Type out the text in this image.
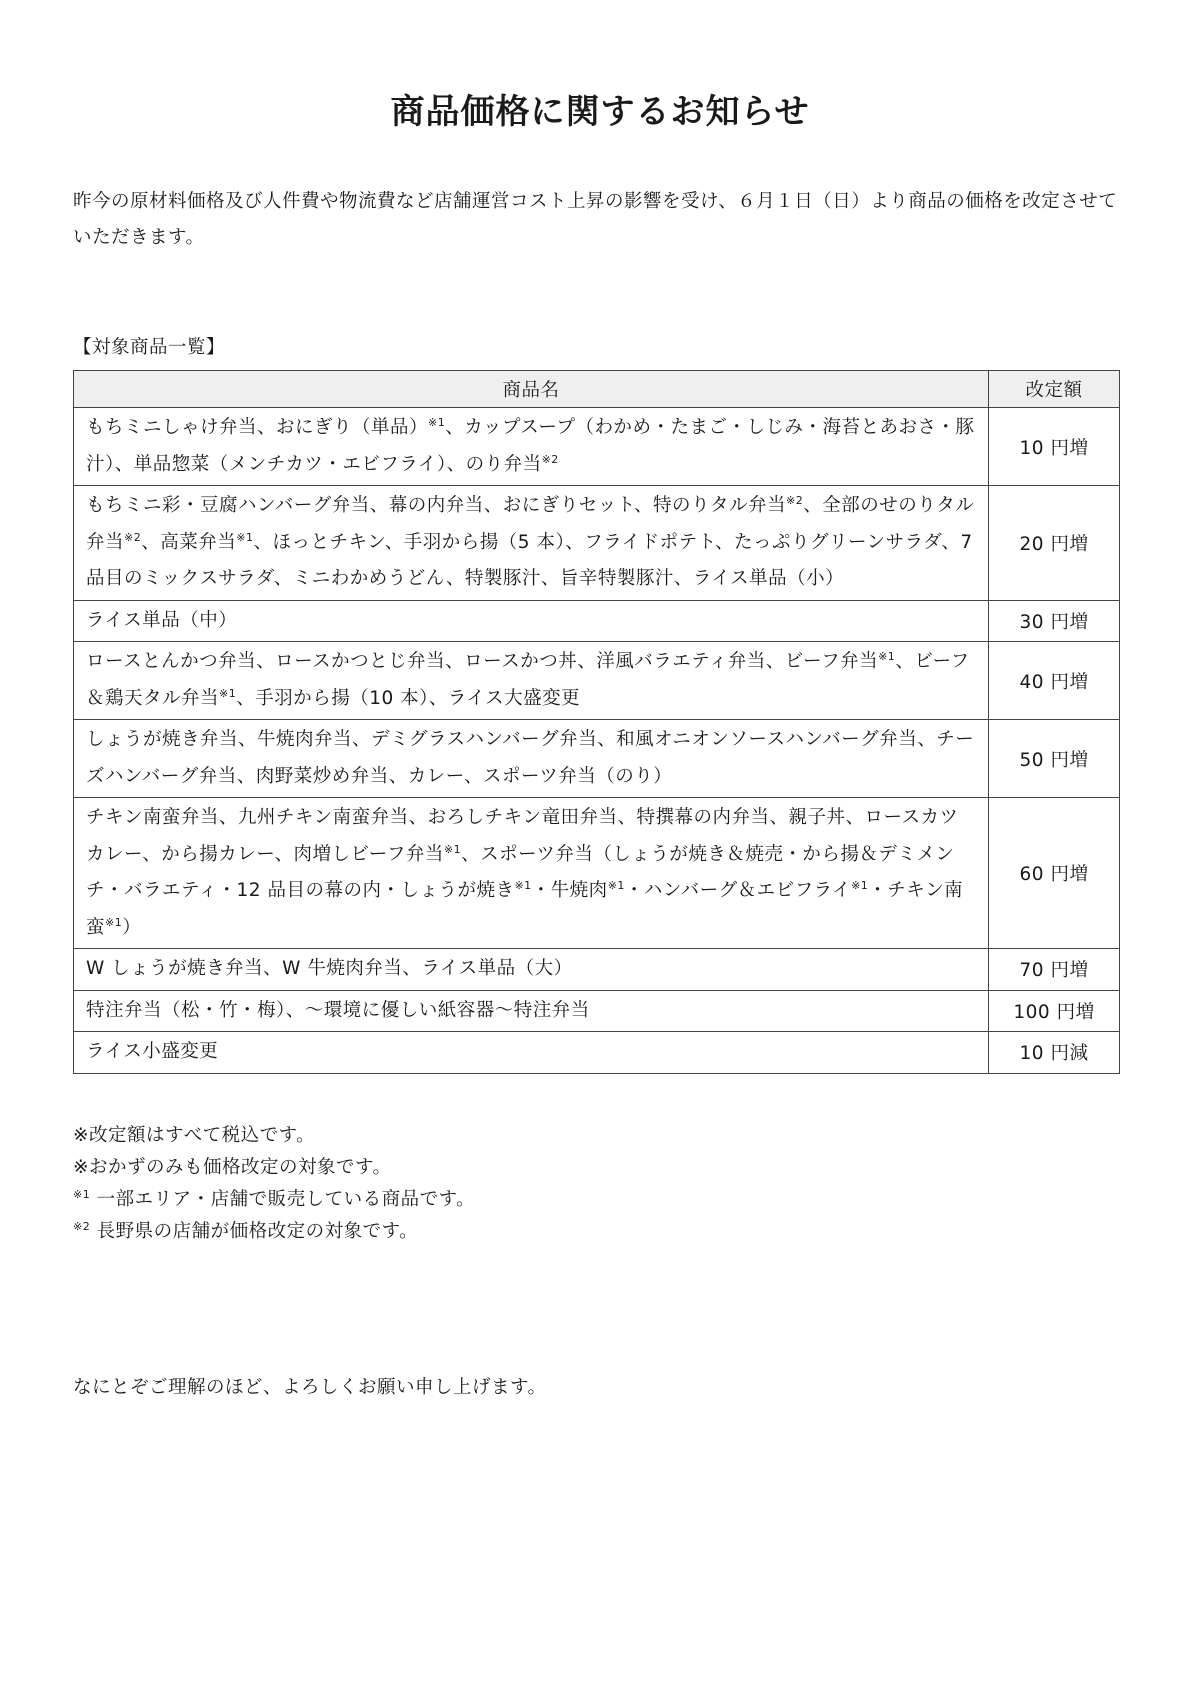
商品価格に関するお知らせ
昨今の原材料価格及び人件費や物流費など店舗運営コスト上昇の影響を受け、６月１日（日）より商品の価格を改定させていただきます。
【対象商品一覧】
商品名	改定額
もちミニしゃけ弁当、おにぎり（単品）$^{※1}$、カップスープ（わかめ・たまご・しじみ・海苔とあおさ・豚汁）、単品惣菜（メンチカツ・エビフライ）、のり弁当$^{※2}$	10 円増
もちミニ彩・豆腐ハンバーグ弁当、幕の内弁当、おにぎりセット、特のりタル弁当$^{※2}$、全部のせのりタル弁当$^{※2}$、高菜弁当$^{※1}$、ほっとチキン、手羽から揚（5 本）、フライドポテト、たっぷりグリーンサラダ、7 品目のミックスサラダ、ミニわかめうどん、特製豚汁、旨辛特製豚汁、ライス単品（小）	20 円増
ライス単品（中）	30 円増
ロースとんかつ弁当、ロースかつとじ弁当、ロースかつ丼、洋風バラエティ弁当、ビーフ弁当$^{※1}$、ビーフ＆鶏天タル弁当$^{※1}$、手羽から揚（10 本）、ライス大盛変更	40 円増
しょうが焼き弁当、牛焼肉弁当、デミグラスハンバーグ弁当、和風オニオンソースハンバーグ弁当、チーズハンバーグ弁当、肉野菜炒め弁当、カレー、スポーツ弁当（のり）	50 円増
チキン南蛮弁当、九州チキン南蛮弁当、おろしチキン竜田弁当、特撰幕の内弁当、親子丼、ロースカツカレー、から揚カレー、肉増しビーフ弁当$^{※1}$、スポーツ弁当（しょうが焼き＆焼売・から揚＆デミメンチ・バラエティ・12 品目の幕の内・しょうが焼き$^{※1}$・牛焼肉$^{※1}$・ハンバーグ＆エビフライ$^{※1}$・チキン南蛮$^{※1}$）	60 円増
W しょうが焼き弁当、W 牛焼肉弁当、ライス単品（大）	70 円増
特注弁当（松・竹・梅）、～環境に優しい紙容器～特注弁当	100 円増
ライス小盛変更	10 円減
※改定額はすべて税込です。
※おかずのみも価格改定の対象です。
$^{※1}$ 一部エリア・店舗で販売している商品です。
$^{※2}$ 長野県の店舗が価格改定の対象です。
なにとぞご理解のほど、よろしくお願い申し上げます。
